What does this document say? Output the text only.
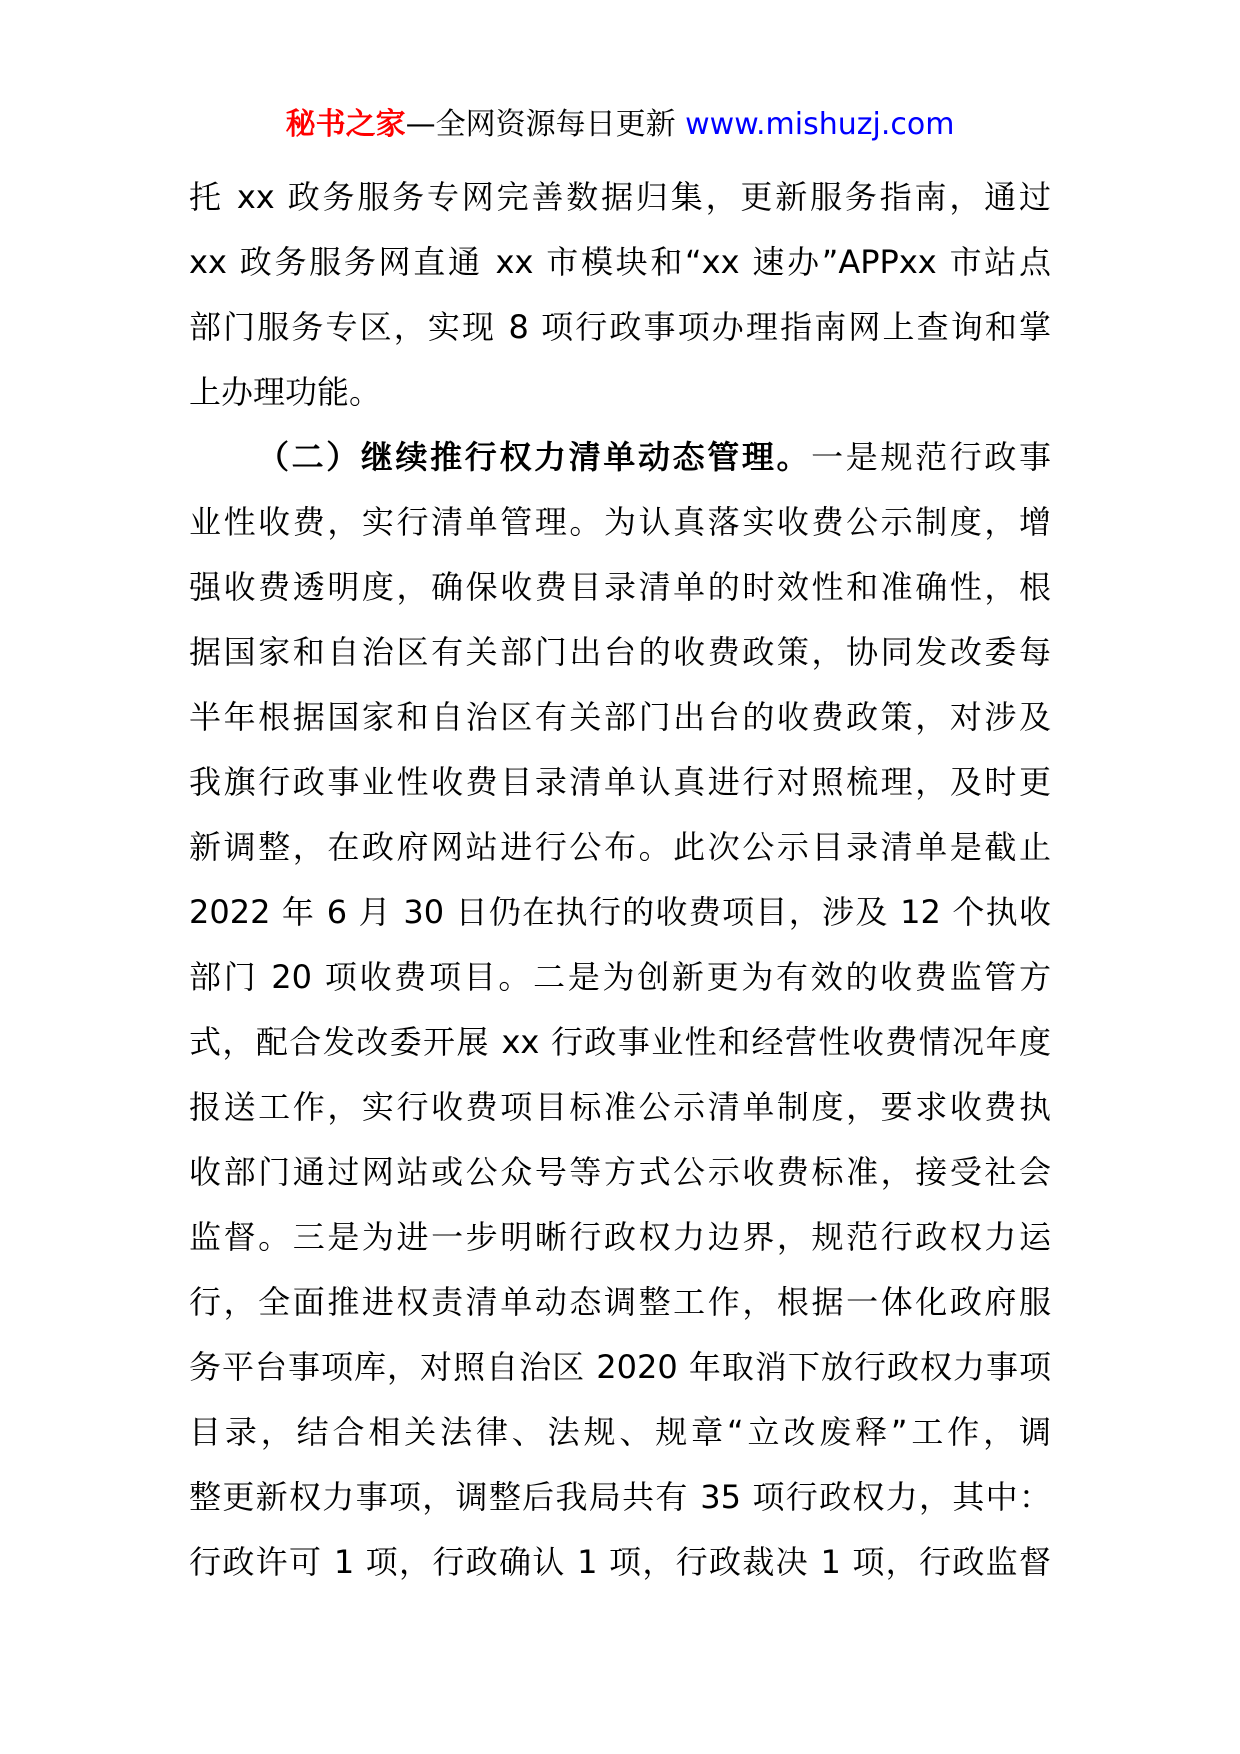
秘书之家—全网资源每日更新 www.mishuzj.com
托 xx 政务服务专网完善数据归集，更新服务指南，通过
xx 政务服务网直通 xx 市模块和“xx 速办”APPxx 市站点
部门服务专区，实现 8 项行政事项办理指南网上查询和掌
上办理功能。
（二）继续推行权力清单动态管理。一是规范行政事
业性收费，实行清单管理。为认真落实收费公示制度，增
强收费透明度，确保收费目录清单的时效性和准确性，根
据国家和自治区有关部门出台的收费政策，协同发改委每
半年根据国家和自治区有关部门出台的收费政策，对涉及
我旗行政事业性收费目录清单认真进行对照梳理，及时更
新调整，在政府网站进行公布。此次公示目录清单是截止
2022 年 6 月 30 日仍在执行的收费项目，涉及 12 个执收
部门 20 项收费项目。二是为创新更为有效的收费监管方
式，配合发改委开展 xx 行政事业性和经营性收费情况年度
报送工作，实行收费项目标准公示清单制度，要求收费执
收部门通过网站或公众号等方式公示收费标准，接受社会
监督。三是为进一步明晰行政权力边界，规范行政权力运
行，全面推进权责清单动态调整工作，根据一体化政府服
务平台事项库，对照自治区 2020 年取消下放行政权力事项
目录，结合相关法律、法规、规章“立改废释”工作，调
整更新权力事项，调整后我局共有 35 项行政权力，其中：
行政许可 1 项，行政确认 1 项，行政裁决 1 项，行政监督
